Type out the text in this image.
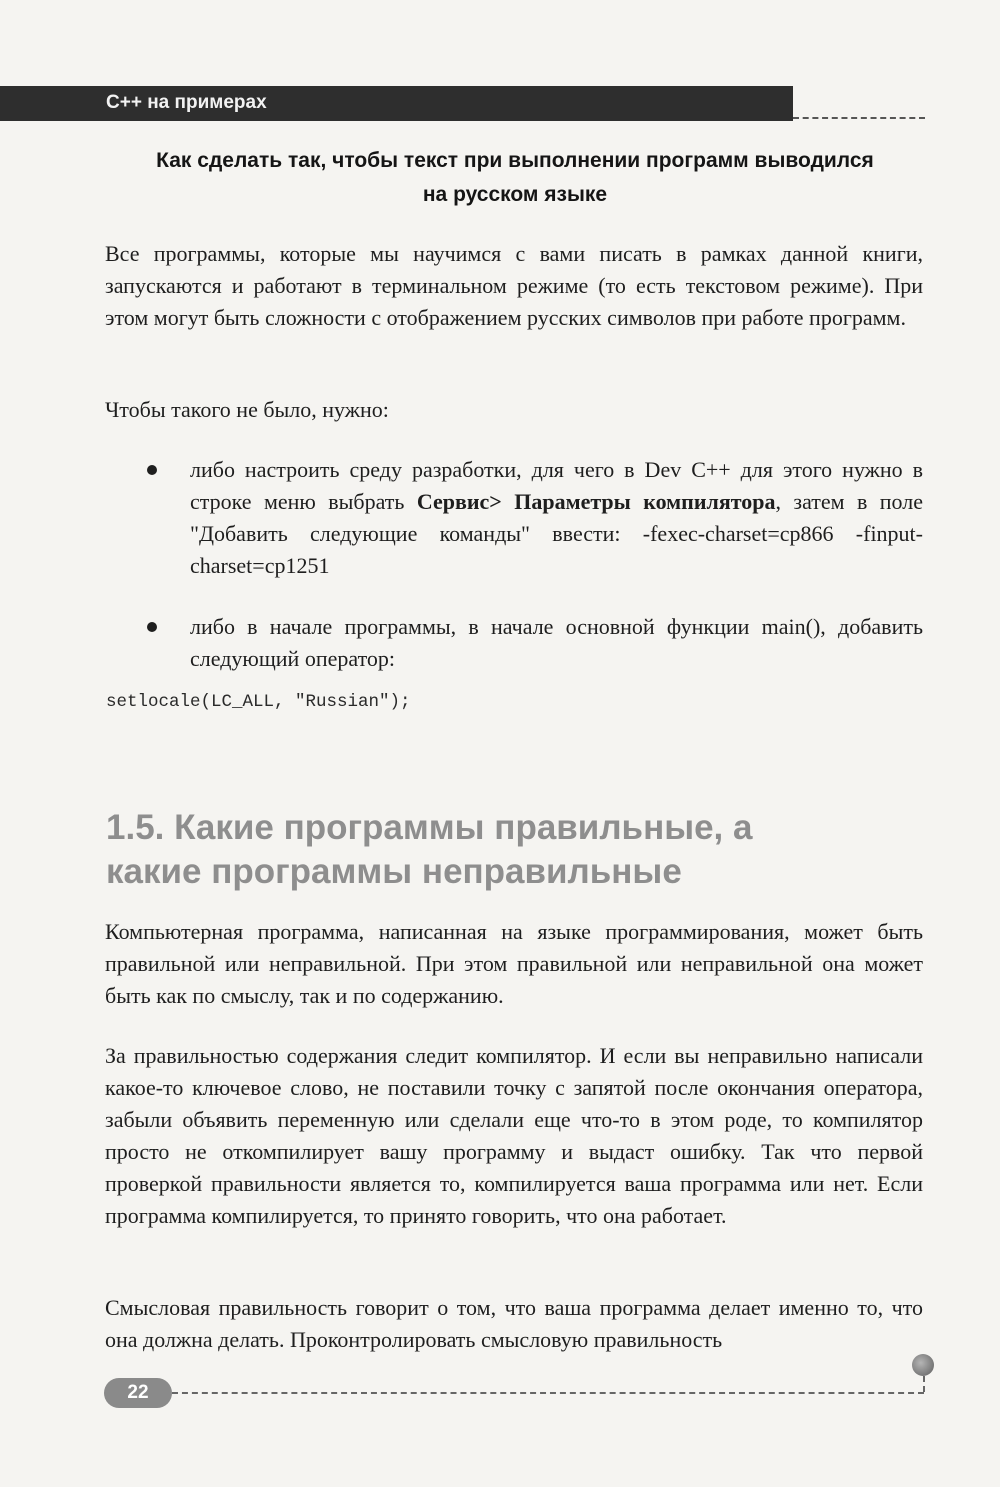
C++ на примерах
Как сделать так, чтобы текст при выполнении программ выводился
на русском языке

Все программы, которые мы научимся с вами писать в рамках данной книги, запускаются и работают в терминальном режиме (то есть текстовом режиме). При этом могут быть сложности с отображением русских символов при работе программ.

Чтобы такого не было, нужно:

либо настроить среду разработки, для чего в Dev C++ для этого нужно в строке меню выбрать Сервис> Параметры компилятора, затем в поле "Добавить следующие команды" ввести: -fexec-charset=cp866 -finput-charset=cp1251

либо в начале программы, в начале основной функции main(), добавить следующий оператор:

setlocale(LC_ALL, "Russian");
1.5. Какие программы правильные, а
какие программы неправильные

Компьютерная программа, написанная на языке программирования, может быть правильной или неправильной. При этом правильной или неправильной она может быть как по смыслу, так и по содержанию.

За правильностью содержания следит компилятор. И если вы неправильно написали какое-то ключевое слово, не поставили точку с запятой после окончания оператора, забыли объявить переменную или сделали еще что-то в этом роде, то компилятор просто не откомпилирует вашу программу и выдаст ошибку. Так что первой проверкой правильности является то, компилируется ваша программа или нет. Если программа компилируется, то принято говорить, что она работает.

Смысловая правильность говорит о том, что ваша программа делает именно то, что она должна делать. Проконтролировать смысловую правильность

22
